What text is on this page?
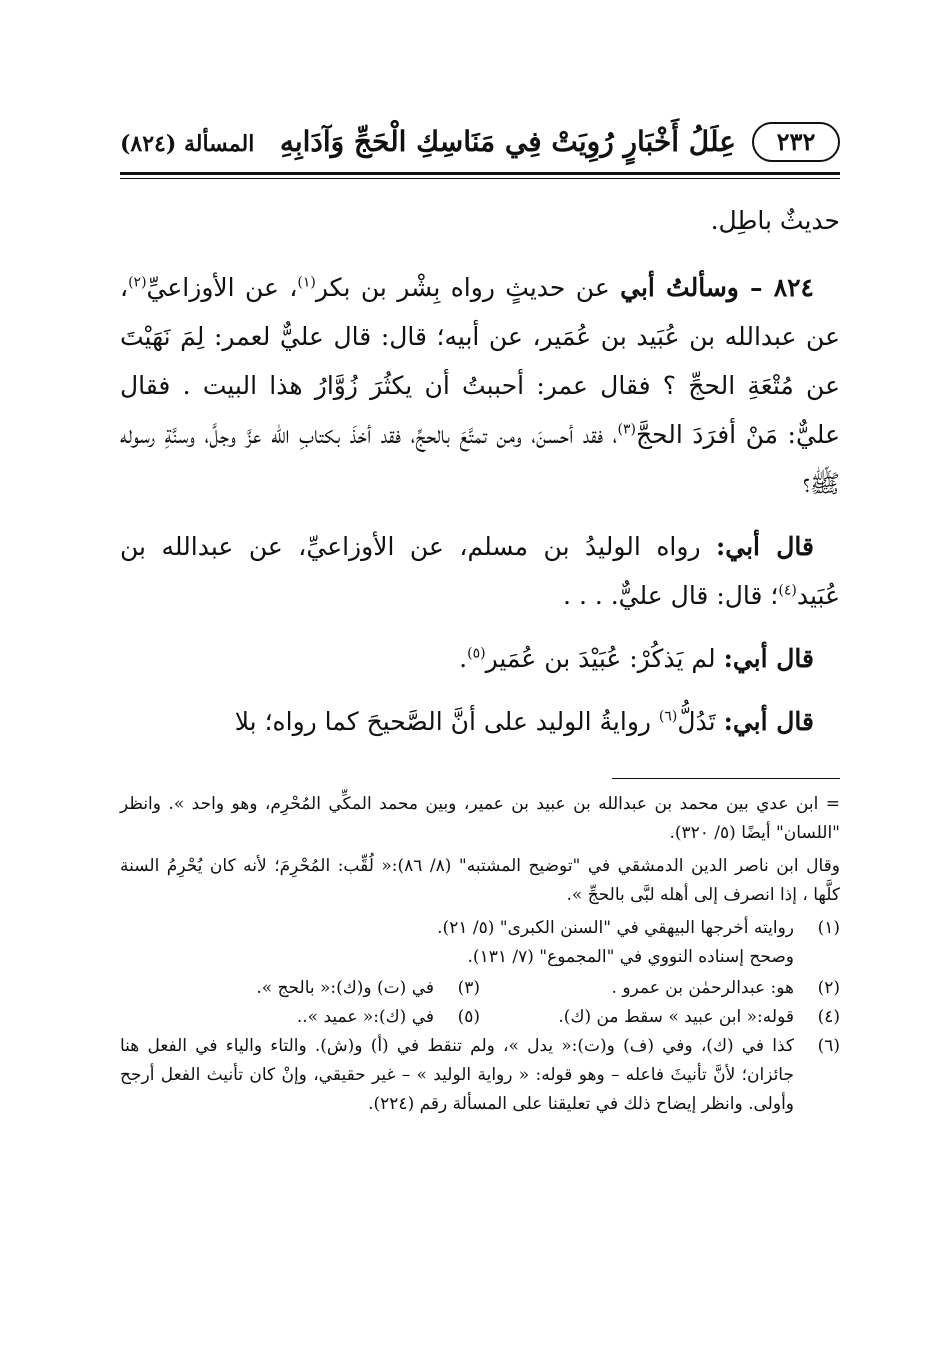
٢٣٢
عِلَلُ أَخْبَارٍ رُوِيَتْ فِي مَنَاسِكِ الْحَجِّ وَآدَابِهِ
المسألة (٨٢٤)

حديثٌ باطِل.

٨٢٤ – وسألتُ أبي عن حديثٍ رواه بِشْر بن بكر$^{(١)}$، عن الأوزاعيِّ$^{(٢)}$، عن عبدالله بن عُبَيد بن عُمَير، عن أبيه؛ قال: قال عليٌّ لعمر: لِمَ نَهَيْتَ عن مُتْعَةِ الحجِّ ؟ فقال عمر: أحببتُ أن يكثُرَ زُوَّارُ هذا البيت . فقال عليٌّ: مَنْ أفرَدَ الحجَّ$^{(٣)}$، فقد أحسنَ، ومن تمتَّعَ بالحجِّ، فقد أخذَ بكتابِ الله عزَّ وجلَّ، وسنَّةِ رسوله ﷺ؟

قال أبي: رواه الوليدُ بن مسلم، عن الأوزاعيِّ، عن عبدالله بن عُبَيد$^{(٤)}$؛ قال: قال عليٌّ. . . .

قال أبي: لم يَذكُرْ: عُبَيْدَ بن عُمَير$^{(٥)}$.

قال أبي: تَدُلُّ$^{(٦)}$ روايةُ الوليد على أنَّ الصَّحيحَ كما رواه؛ بلا

= ابن عدي بين محمد بن عبدالله بن عبيد بن عمير، وبين محمد المكِّي المُحْرِم، وهو واحد ». وانظر "اللسان" أيضًا (٥/ ٣٢٠).
وقال ابن ناصر الدين الدمشقي في "توضيح المشتبه" (٨/ ٨٦):« لُقِّب: المُحْرِمَ؛ لأنه كان يُحْرِمُ السنة كلَّها ، إذا انصرف إلى أهله لبَّى بالحجِّ ».
(١)
روايته أخرجها البيهقي في "السنن الكبرى" (٥/ ٢١).
وصحح إسناده النووي في "المجموع" (٧/ ١٣١).
(٢)
هو: عبدالرحمٰن بن عمرو .
(٣)
في (ت) و(ك):« بالحج ».
(٤)
قوله:« ابن عبيد » سقط من (ك).
(٥)
في (ك):« عميد »..
(٦)
كذا في (ك)، وفي (ف) و(ت):« يدل »، ولم تنقط في (أ) و(ش). والتاء والياء في الفعل هنا جائزان؛ لأنَّ تأنيثَ فاعله – وهو قوله: « رواية الوليد » – غير حقيقي، وإنْ كان تأنيث الفعل أرجح وأولى. وانظر إيضاح ذلك في تعليقنا على المسألة رقم (٢٢٤).
